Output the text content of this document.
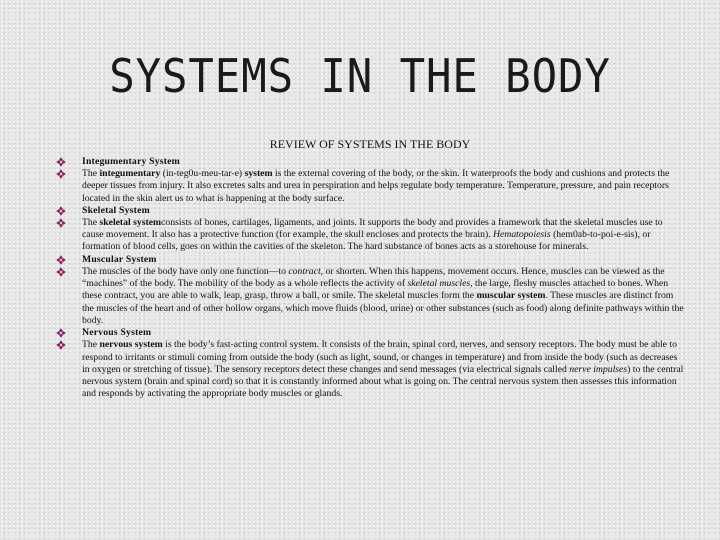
SYSTEMS IN THE BODY
REVIEW OF SYSTEMS IN THE BODY
Integumentary System
The integumentary (in-teg0u-meu-tar-e) system is the external covering of the body, or the skin. It waterproofs the body and cushions and protects the deeper tissues from injury. It also excretes salts and urea in perspiration and helps regulate body temperature. Temperature, pressure, and pain receptors located in the skin alert us to what is happening at the body surface.
Skeletal System
The skeletal systemconsists of bones, cartilages, ligaments, and joints. It supports the body and provides a framework that the skeletal muscles use to cause movement. It also has a protective function (for example, the skull encloses and protects the brain). Hematopoiesis (hem0ab-to-poi-e-sis), or formation of blood cells, goes on within the cavities of the skeleton. The hard substance of bones acts as a storehouse for minerals.
Muscular System
The muscles of the body have only one function—to contract, or shorten. When this happens, movement occurs. Hence, muscles can be viewed as the “machines” of the body. The mobility of the body as a whole reflects the activity of skeletal muscles, the large, fleshy muscles attached to bones. When these contract, you are able to walk, leap, grasp, throw a ball, or smile. The skeletal muscles form the muscular system. These muscles are distinct from the muscles of the heart and of other hollow organs, which move fluids (blood, urine) or other substances (such as food) along definite pathways within the body.
Nervous System
The nervous system is the body’s fast-acting control system. It consists of the brain, spinal cord, nerves, and sensory receptors. The body must be able to respond to irritants or stimuli coming from outside the body (such as light, sound, or changes in temperature) and from inside the body (such as decreases in oxygen or stretching of tissue). The sensory receptors detect these changes and send messages (via electrical signals called nerve impulses) to the central nervous system (brain and spinal cord) so that it is constantly informed about what is going on. The central nervous system then assesses this information and responds by activating the appropriate body muscles or glands.
